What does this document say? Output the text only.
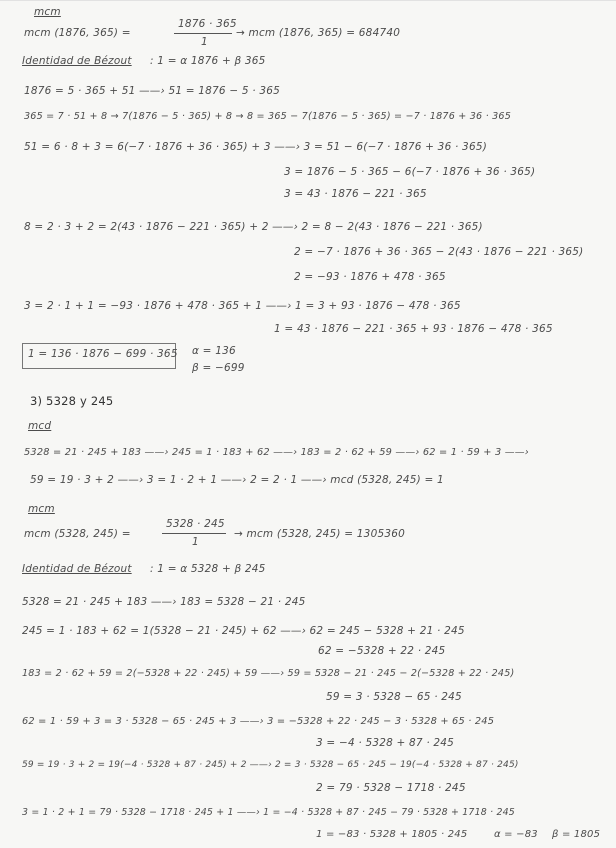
mcm
mcm (1876, 365) =
1876 · 365
1
→ mcm (1876, 365) = 684740
Identidad de Bézout : 1 = α 1876 + β 365
1876 = 5 · 365 + 51 ——› 51 = 1876 − 5 · 365
365 = 7 · 51 + 8 → 7(1876 − 5 · 365) + 8 → 8 = 365 − 7(1876 − 5 · 365) = −7 · 1876 + 36 · 365
51 = 6 · 8 + 3 = 6(−7 · 1876 + 36 · 365) + 3 ——› 3 = 51 − 6(−7 · 1876 + 36 · 365)
3 = 1876 − 5 · 365 − 6(−7 · 1876 + 36 · 365)
3 = 43 · 1876 − 221 · 365
8 = 2 · 3 + 2 = 2(43 · 1876 − 221 · 365) + 2 ——› 2 = 8 − 2(43 · 1876 − 221 · 365)
2 = −7 · 1876 + 36 · 365 − 2(43 · 1876 − 221 · 365)
2 = −93 · 1876 + 478 · 365
3 = 2 · 1 + 1 = −93 · 1876 + 478 · 365 + 1 ——› 1 = 3 + 93 · 1876 − 478 · 365
1 = 43 · 1876 − 221 · 365 + 93 · 1876 − 478 · 365
1 = 136 · 1876 − 699 · 365 α = 136
β = −699
3) 5328 y 245
mcd
5328 = 21 · 245 + 183 ——› 245 = 1 · 183 + 62 ——› 183 = 2 · 62 + 59 ——› 62 = 1 · 59 + 3 ——›
59 = 19 · 3 + 2 ——› 3 = 1 · 2 + 1 ——› 2 = 2 · 1 ——› mcd (5328, 245) = 1
mcm
mcm (5328, 245) =
5328 · 245
1
→ mcm (5328, 245) = 1305360
Identidad de Bézout : 1 = α 5328 + β 245
5328 = 21 · 245 + 183 ——› 183 = 5328 − 21 · 245
245 = 1 · 183 + 62 = 1(5328 − 21 · 245) + 62 ——› 62 = 245 − 5328 + 21 · 245
62 = −5328 + 22 · 245
183 = 2 · 62 + 59 = 2(−5328 + 22 · 245) + 59 ——› 59 = 5328 − 21 · 245 − 2(−5328 + 22 · 245)
59 = 3 · 5328 − 65 · 245
62 = 1 · 59 + 3 = 3 · 5328 − 65 · 245 + 3 ——› 3 = −5328 + 22 · 245 − 3 · 5328 + 65 · 245
3 = −4 · 5328 + 87 · 245
59 = 19 · 3 + 2 = 19(−4 · 5328 + 87 · 245) + 2 ——› 2 = 3 · 5328 − 65 · 245 − 19(−4 · 5328 + 87 · 245)
2 = 79 · 5328 − 1718 · 245
3 = 1 · 2 + 1 = 79 · 5328 − 1718 · 245 + 1 ——› 1 = −4 · 5328 + 87 · 245 − 79 · 5328 + 1718 · 245
1 = −83 · 5328 + 1805 · 245	α = −83 β = 1805
